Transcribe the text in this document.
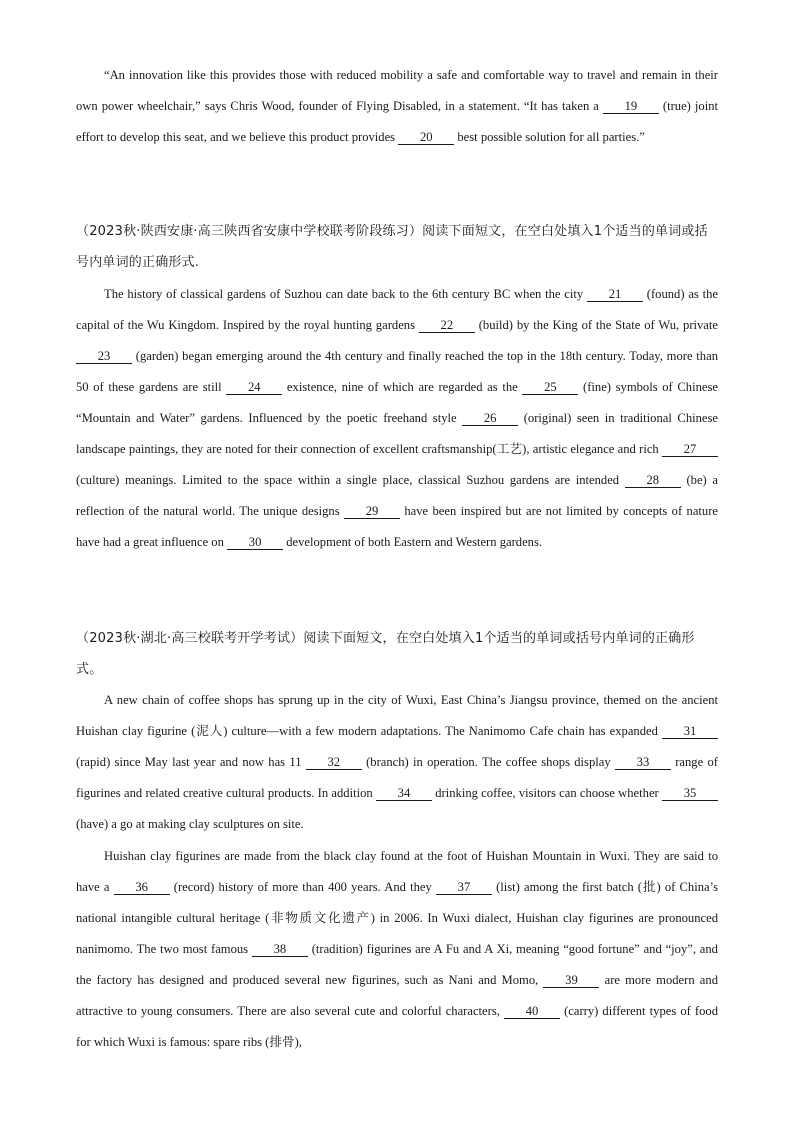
“An innovation like this provides those with reduced mobility a safe and comfortable way to travel and remain in their own power wheelchair,” says Chris Wood, founder of Flying Disabled, in a statement. “It has taken a 19 (true) joint effort to develop this seat, and we believe this product provides 20 best possible solution for all parties.”

（2023秋·陕西安康·高三陕西省安康中学校联考阶段练习）阅读下面短文，在空白处填入1个适当的单词或括号内单词的正确形式.

The history of classical gardens of Suzhou can date back to the 6th century BC when the city 21 (found) as the capital of the Wu Kingdom. Inspired by the royal hunting gardens 22 (build) by the King of the State of Wu, private 23 (garden) began emerging around the 4th century and finally reached the top in the 18th century. Today, more than 50 of these gardens are still 24 existence, nine of which are regarded as the 25 (fine) symbols of Chinese “Mountain and Water” gardens. Influenced by the poetic freehand style 26 (original) seen in traditional Chinese landscape paintings, they are noted for their connection of excellent craftsmanship(工艺), artistic elegance and rich 27 (culture) meanings. Limited to the space within a single place, classical Suzhou gardens are intended 28 (be) a reflection of the natural world. The unique designs 29 have been inspired but are not limited by concepts of nature have had a great influence on 30 development of both Eastern and Western gardens.

（2023秋·湖北·高三校联考开学考试）阅读下面短文，在空白处填入1个适当的单词或括号内单词的正确形式。

A new chain of coffee shops has sprung up in the city of Wuxi, East China’s Jiangsu province, themed on the ancient Huishan clay figurine (泥人) culture—with a few modern adaptations. The Nanimomo Cafe chain has expanded 31 (rapid) since May last year and now has 11 32 (branch) in operation. The coffee shops display 33 range of figurines and related creative cultural products. In addition 34 drinking coffee, visitors can choose whether 35 (have) a go at making clay sculptures on site.

Huishan clay figurines are made from the black clay found at the foot of Huishan Mountain in Wuxi. They are said to have a 36 (record) history of more than 400 years. And they 37 (list) among the first batch (批) of China’s national intangible cultural heritage (非物质文化遗产) in 2006. In Wuxi dialect, Huishan clay figurines are pronounced nanimomo. The two most famous 38 (tradition) figurines are A Fu and A Xi, meaning “good fortune” and “joy”, and the factory has designed and produced several new figurines, such as Nani and Momo, 39 are more modern and attractive to young consumers. There are also several cute and colorful characters, 40 (carry) different types of food for which Wuxi is famous: spare ribs (排骨),
